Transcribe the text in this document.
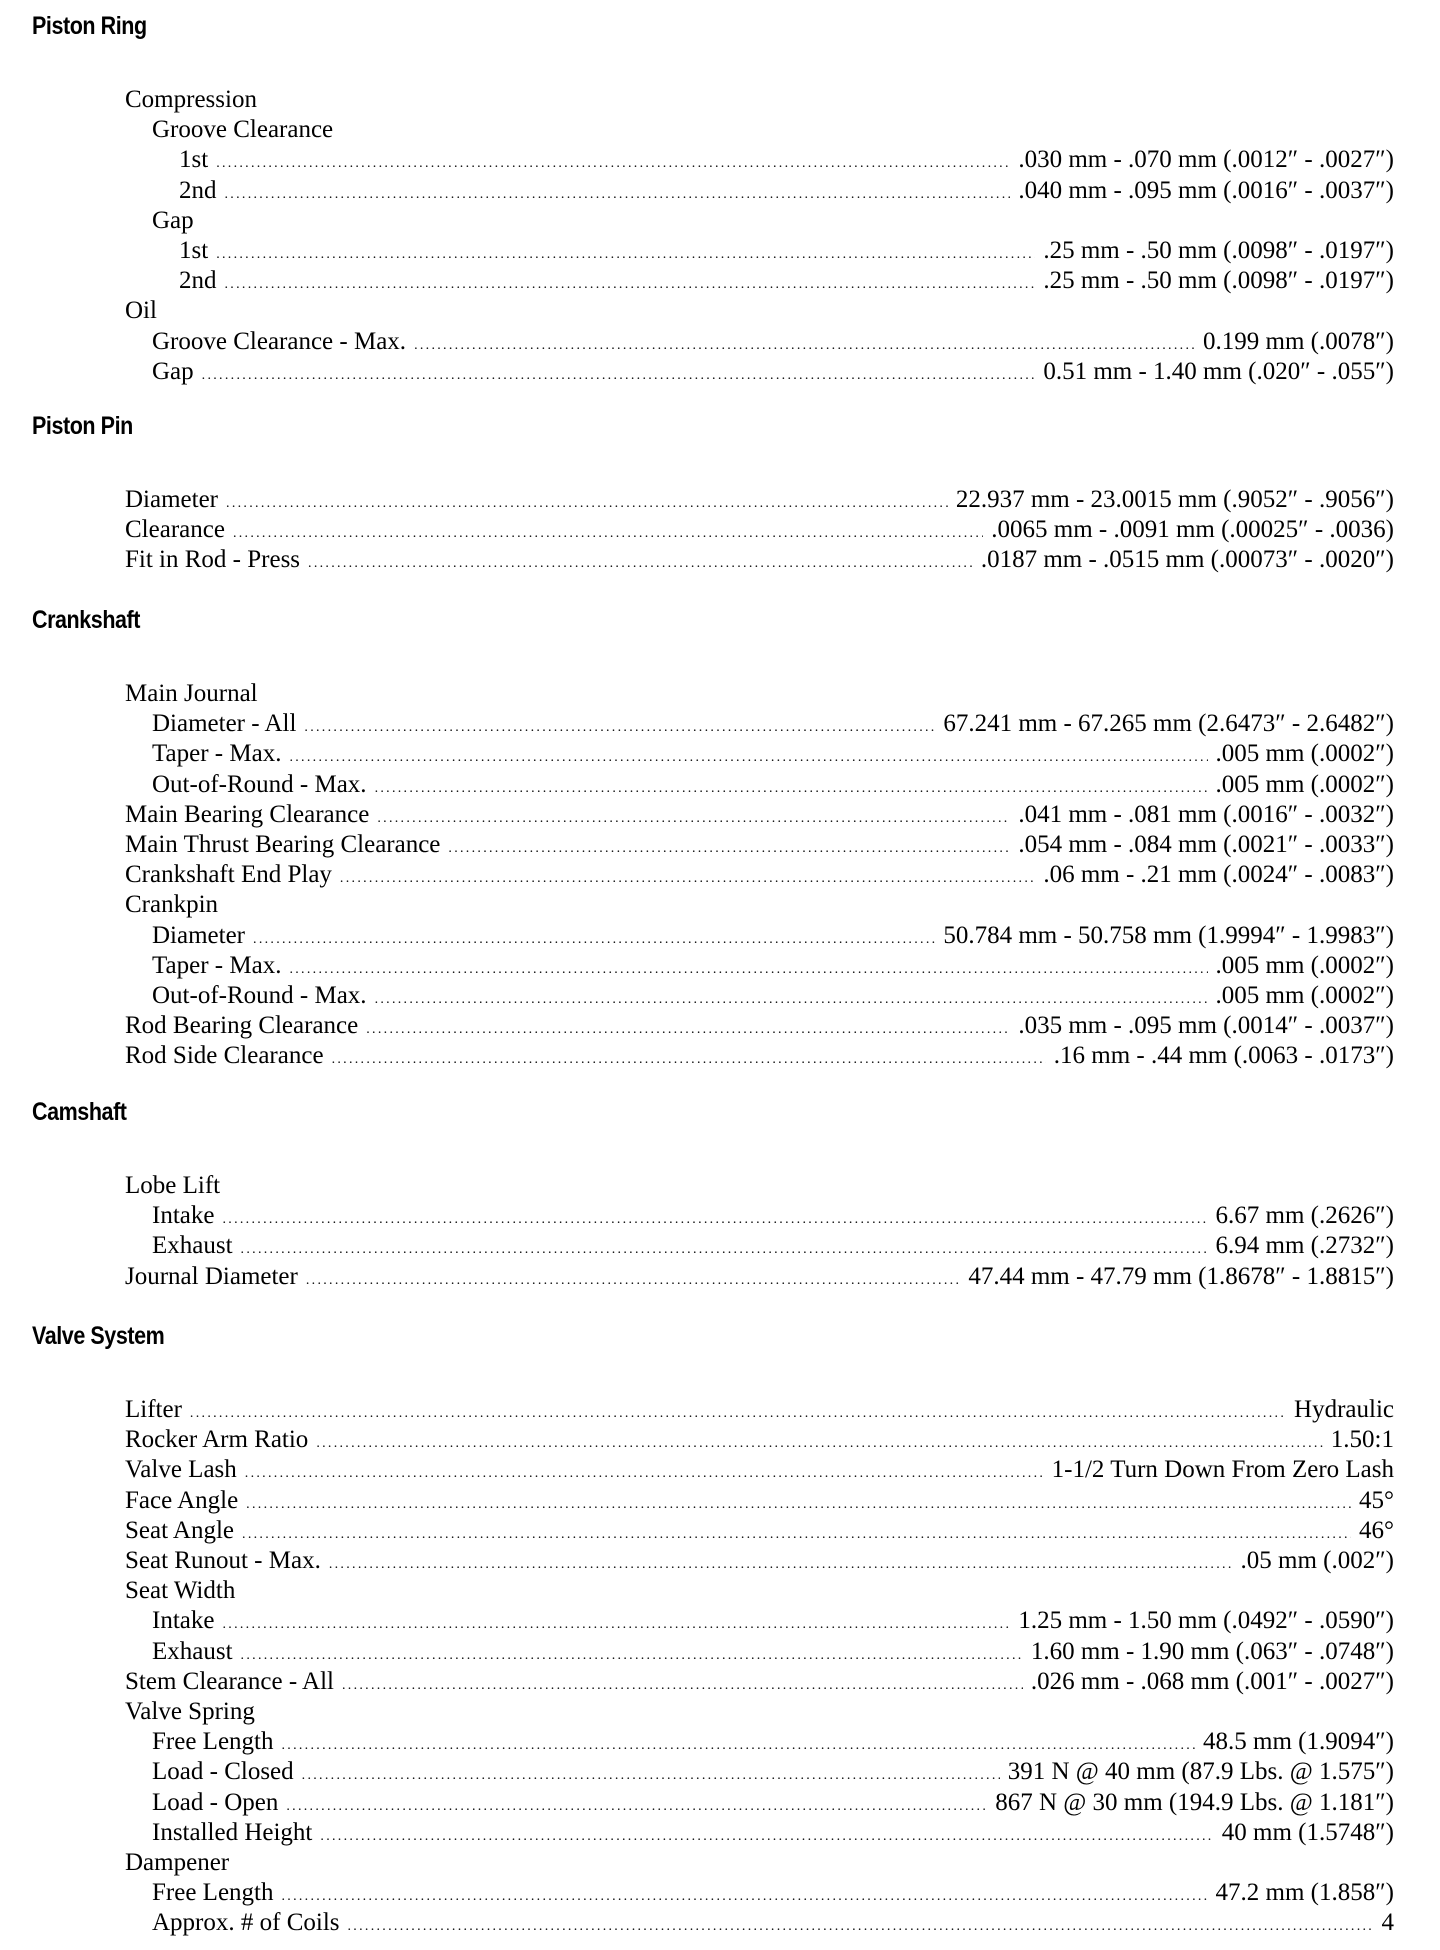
Piston Ring
Compression
Groove Clearance
1st .....	.030 mm - .070 mm (.0012″ - .0027″)
2nd .....	.040 mm - .095 mm (.0016″ - .0037″)
Gap
1st .....	.25 mm - .50 mm (.0098″ - .0197″)
2nd .....	.25 mm - .50 mm (.0098″ - .0197″)
Oil
Groove Clearance - Max. .....	0.199 mm (.0078″)
Gap .....	0.51 mm - 1.40 mm (.020″ - .055″)
Piston Pin
Diameter .....	22.937 mm - 23.0015 mm (.9052″ - .9056″)
Clearance .....	.0065 mm - .0091 mm (.00025″ - .0036)
Fit in Rod - Press .....	.0187 mm - .0515 mm (.00073″ - .0020″)
Crankshaft
Main Journal
Diameter - All .....	67.241 mm - 67.265 mm (2.6473″ - 2.6482″)
Taper - Max. .....	.005 mm (.0002″)
Out-of-Round - Max. .....	.005 mm (.0002″)
Main Bearing Clearance .....	.041 mm - .081 mm (.0016″ - .0032″)
Main Thrust Bearing Clearance .....	.054 mm - .084 mm (.0021″ - .0033″)
Crankshaft End Play .....	.06 mm - .21 mm (.0024″ - .0083″)
Crankpin
Diameter .....	50.784 mm - 50.758 mm (1.9994″ - 1.9983″)
Taper - Max. .....	.005 mm (.0002″)
Out-of-Round - Max. .....	.005 mm (.0002″)
Rod Bearing Clearance .....	.035 mm - .095 mm (.0014″ - .0037″)
Rod Side Clearance .....	.16 mm - .44 mm (.0063 - .0173″)
Camshaft
Lobe Lift
Intake .....	6.67 mm (.2626″)
Exhaust .....	6.94 mm (.2732″)
Journal Diameter .....	47.44 mm - 47.79 mm (1.8678″ - 1.8815″)
Valve System
Lifter .....	Hydraulic
Rocker Arm Ratio .....	1.50:1
Valve Lash .....	1-1/2 Turn Down From Zero Lash
Face Angle .....	45°
Seat Angle .....	46°
Seat Runout - Max. .....	.05 mm (.002″)
Seat Width
Intake .....	1.25 mm - 1.50 mm (.0492″ - .0590″)
Exhaust .....	1.60 mm - 1.90 mm (.063″ - .0748″)
Stem Clearance - All .....	.026 mm - .068 mm (.001″ - .0027″)
Valve Spring
Free Length .....	48.5 mm (1.9094″)
Load - Closed .....	391 N @ 40 mm (87.9 Lbs. @ 1.575″)
Load - Open .....	867 N @ 30 mm (194.9 Lbs. @ 1.181″)
Installed Height .....	40 mm (1.5748″)
Dampener
Free Length .....	47.2 mm (1.858″)
Approx. # of Coils .....	4
